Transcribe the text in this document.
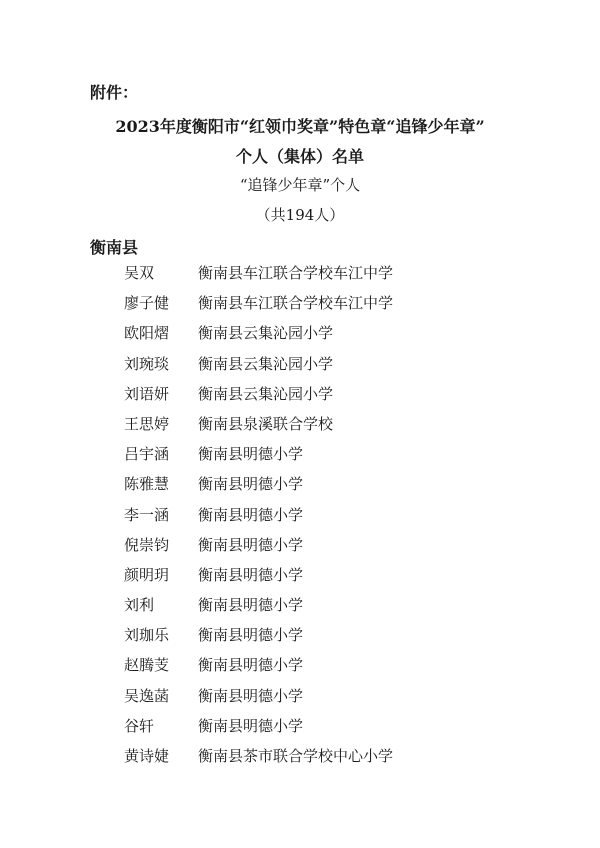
附件：
2023年度衡阳市“红领巾奖章”特色章“追锋少年章”
个人（集体）名单
“追锋少年章”个人
（共194人）
衡南县
吴双	衡南县车江联合学校车江中学
廖子健	衡南县车江联合学校车江中学
欧阳熠	衡南县云集沁园小学
刘琬琰	衡南县云集沁园小学
刘语妍	衡南县云集沁园小学
王思婷	衡南县泉溪联合学校
吕宇涵	衡南县明德小学
陈雅慧	衡南县明德小学
李一涵	衡南县明德小学
倪崇钧	衡南县明德小学
颜明玥	衡南县明德小学
刘利	衡南县明德小学
刘珈乐	衡南县明德小学
赵腾芰	衡南县明德小学
吴逸菡	衡南县明德小学
谷轩	衡南县明德小学
黄诗婕	衡南县茶市联合学校中心小学
